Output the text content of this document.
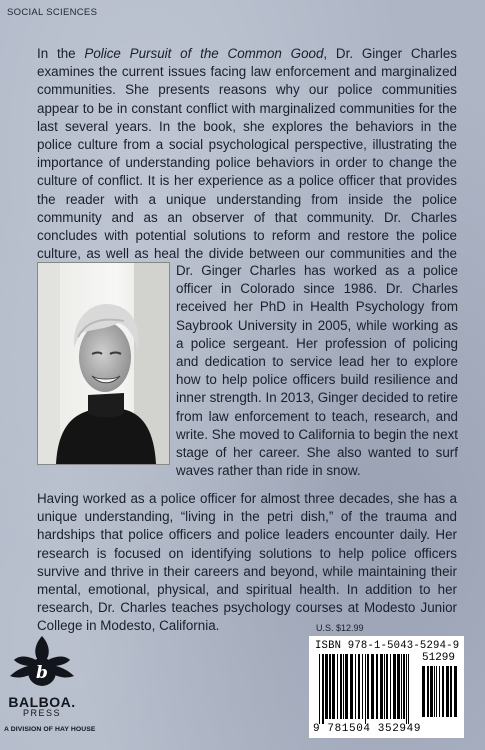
SOCIAL SCIENCES

In the Police Pursuit of the Common Good, Dr. Ginger Charles examines the current issues facing law enforcement and marginalized communities. She presents reasons why our police communities appear to be in constant conflict with marginalized communities for the last several years. In the book, she explores the behaviors in the police culture from a social psychological perspective, illustrating the importance of understanding police behaviors in order to change the culture of conflict. It is her experience as a police officer that provides the reader with a unique understanding from inside the police community and as an observer of that community. Dr. Charles concludes with potential solutions to reform and restore the police culture, as well as heal the divide between our communities and the

Dr. Ginger Charles has worked as a police officer in Colorado since 1986. Dr. Charles received her PhD in Health Psychology from Saybrook University in 2005, while working as a police sergeant. Her profession of policing and dedication to service lead her to explore how to help police officers build resilience and inner strength. In 2013, Ginger decided to retire from law enforcement to teach, research, and write. She moved to California to begin the next stage of her career. She also wanted to surf waves rather than ride in snow.

Having worked as a police officer for almost three decades, she has a unique understanding, “living in the petri dish,” of the trauma and hardships that police officers and police leaders encounter daily. Her research is focused on identifying solutions to help police officers survive and thrive in their careers and beyond, while maintaining their mental, emotional, physical, and spiritual health. In addition to her research, Dr. Charles teaches psychology courses at Modesto Junior College in Modesto, California.	U.S. $12.99
ISBN 978-1-5043-5294-9
51299
9 781504 352949
b
BALBOA.
PRESS
A DIVISION OF HAY HOUSE
